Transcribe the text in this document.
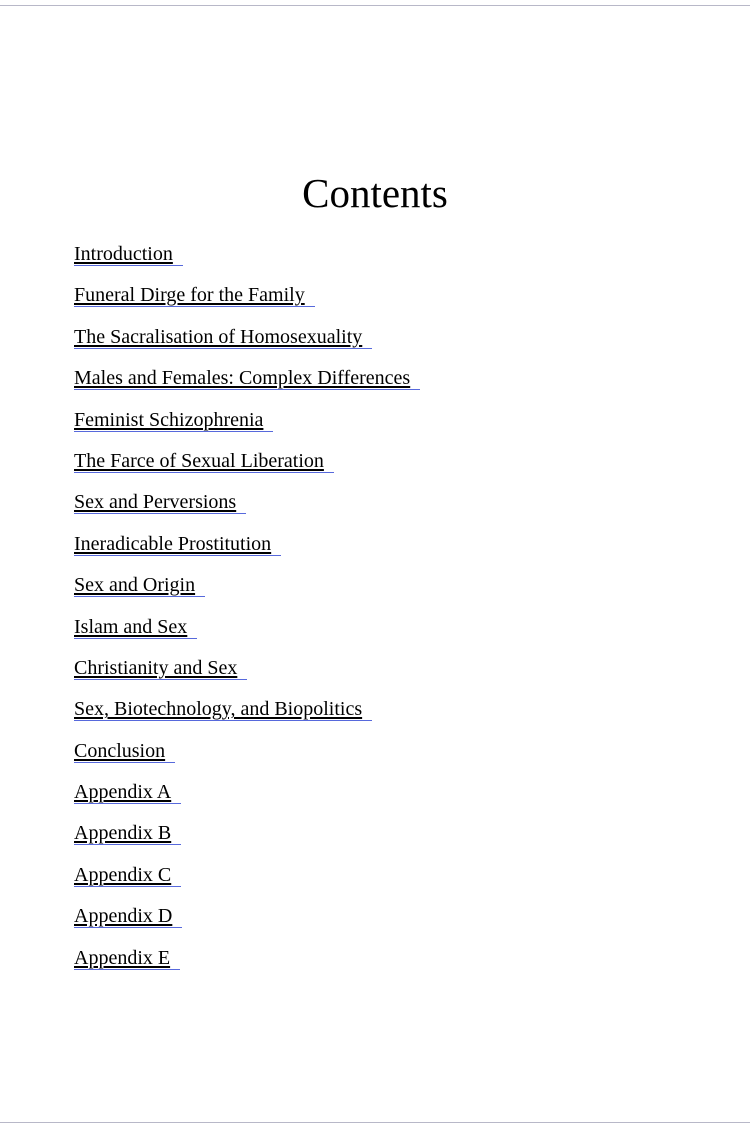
Contents
Introduction
Funeral Dirge for the Family
The Sacralisation of Homosexuality
Males and Females: Complex Differences
Feminist Schizophrenia
The Farce of Sexual Liberation
Sex and Perversions
Ineradicable Prostitution
Sex and Origin
Islam and Sex
Christianity and Sex
Sex, Biotechnology, and Biopolitics
Conclusion
Appendix A
Appendix B
Appendix C
Appendix D
Appendix E
